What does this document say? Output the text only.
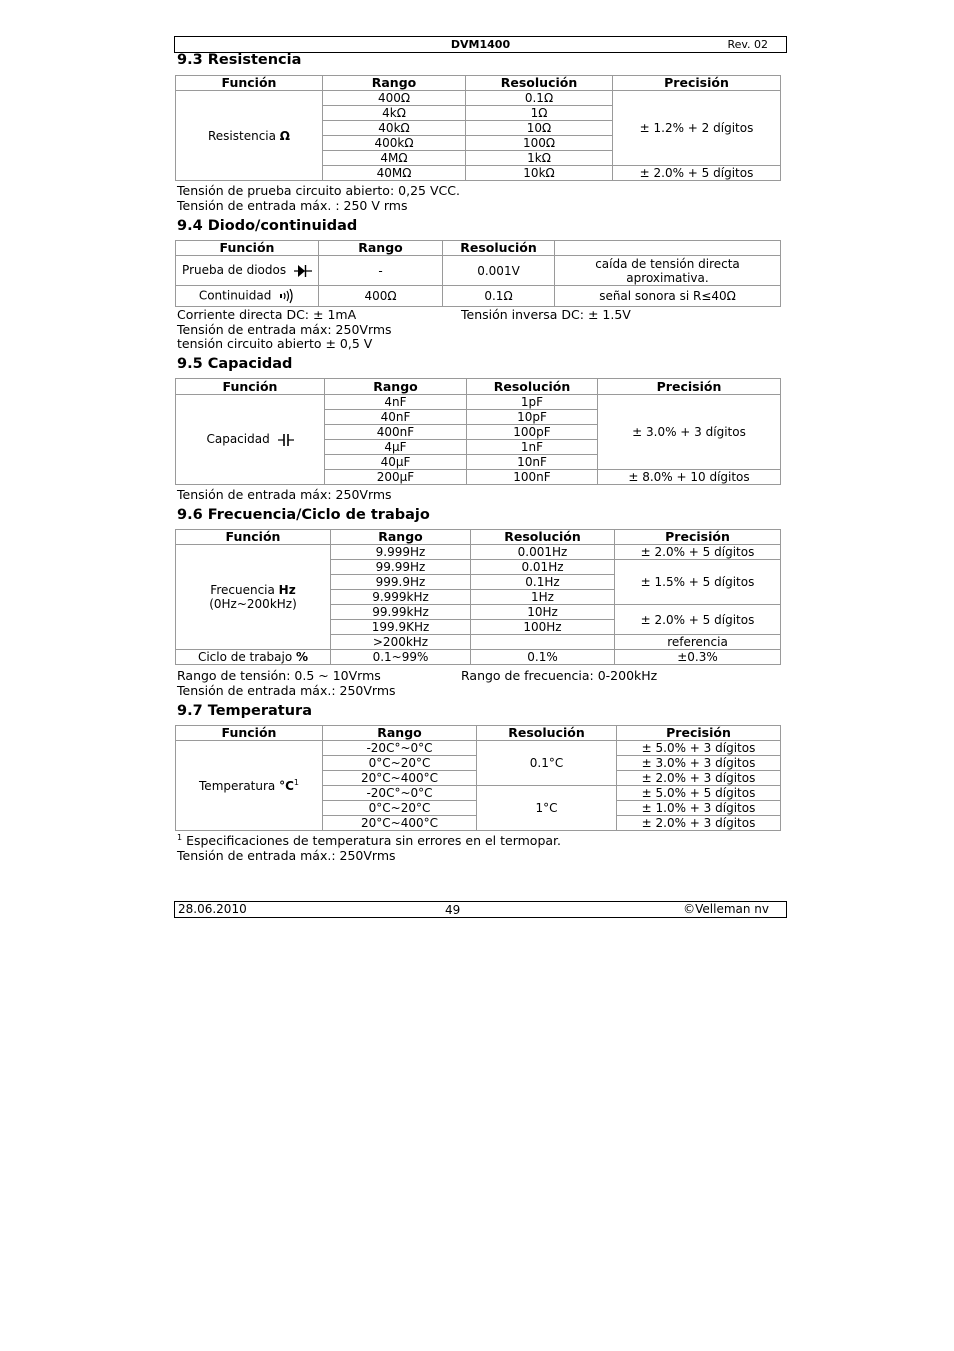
DVM1400	Rev. 02
9.3 Resistencia
Función	Rango	Resolución	Precisión
Resistencia Ω	400Ω	0.1Ω	± 1.2% + 2 dígitos
	4kΩ	1Ω	
	40kΩ	10Ω	
	400kΩ	100Ω	
	4MΩ	1kΩ	
	40MΩ	10kΩ	± 2.0% + 5 dígitos

Tensión de prueba circuito abierto: 0,25 VCC.

Tensión de entrada máx. : 250 V rms

9.4 Diodo/continuidad
Función	Rango	Resolución	
Prueba de diodos	-	0.001V	caída de tensión directa aproximativa.
Continuidad	400Ω	0.1Ω	señal sonora si R≤40Ω

Corriente directa DC: ± 1mA	Tensión inversa DC: ± 1.5V

Tensión de entrada máx: 250Vrms

tensión circuito abierto ± 0,5 V

9.5 Capacidad
Función	Rango	Resolución	Precisión
Capacidad	4nF	1pF	± 3.0% + 3 dígitos
	40nF	10pF	
	400nF	100pF	
	4µF	1nF	
	40µF	10nF	
	200µF	100nF	± 8.0% + 10 dígitos

Tensión de entrada máx: 250Vrms

9.6 Frecuencia/Ciclo de trabajo
Función	Rango	Resolución	Precisión
Frecuencia Hz
(0Hz~200kHz)	9.999Hz	0.001Hz	± 2.0% + 5 dígitos
	99.99Hz	0.01Hz	± 1.5% + 5 dígitos
	999.9Hz	0.1Hz	
	9.999kHz	1Hz	
	99.99kHz	10Hz	± 2.0% + 5 dígitos
	199.9KHz	100Hz	
	>200kHz		referencia
Ciclo de trabajo %	0.1~99%	0.1%	±0.3%

Rango de tensión: 0.5 ~ 10Vrms	Rango de frecuencia: 0-200kHz

Tensión de entrada máx.: 250Vrms

9.7 Temperatura
Función	Rango	Resolución	Precisión
Temperatura $^\circ C^1$	-20C°~0°C	0.1°C	± 5.0% + 3 dígitos
	0°C~20°C		± 3.0% + 3 dígitos
	20°C~400°C		± 2.0% + 3 dígitos
	-20C°~0°C	1°C	± 5.0% + 5 dígitos
	0°C~20°C		± 1.0% + 3 dígitos
	20°C~400°C		± 2.0% + 3 dígitos

$^1$ Especificaciones de temperatura sin errores en el termopar.

Tensión de entrada máx.: 250Vrms

28.06.2010	49	©Velleman nv
